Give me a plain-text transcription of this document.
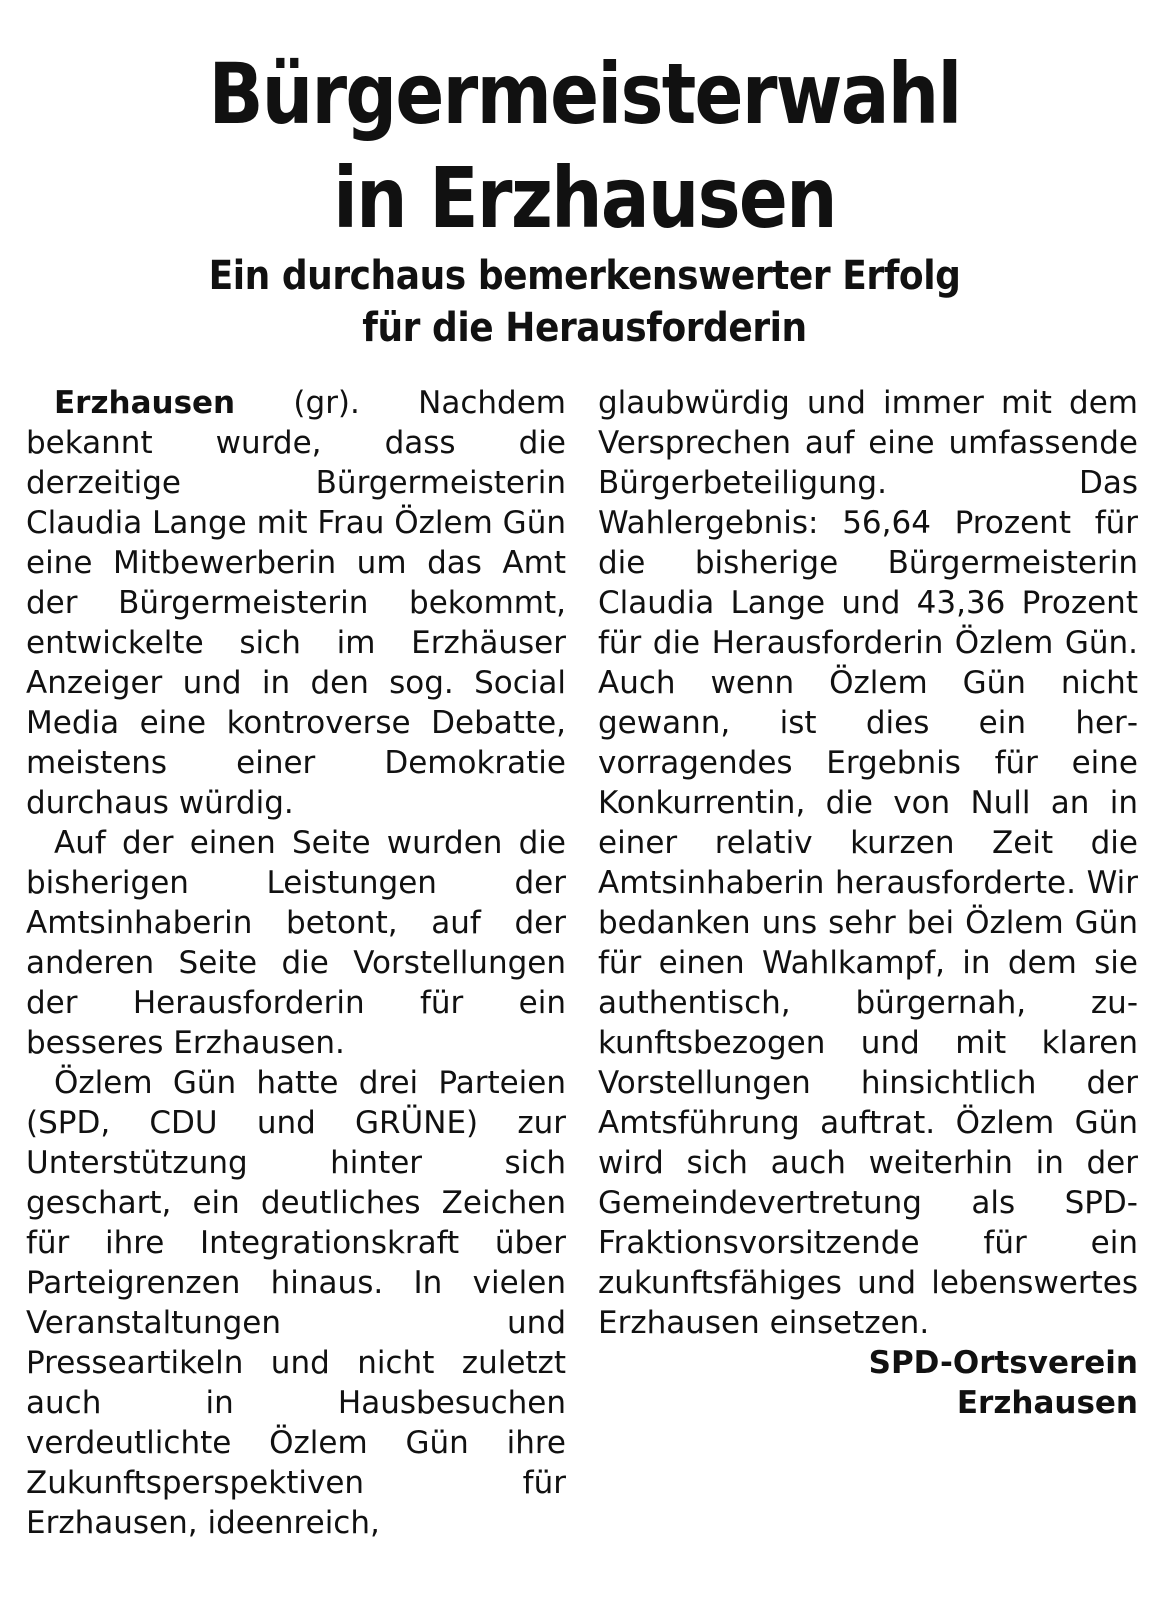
Bürgermeisterwahl
in Erzhausen
Ein durchaus bemerkenswerter Erfolg
für die Herausforderin

Erzhausen (gr). Nachdem bekannt wurde, dass die derzeitige Bürgermeisterin Claudia Lange mit Frau Özlem Gün eine Mitbewerberin um das Amt der Bürgermeisterin bekommt, entwickelte sich im Erzhäuser Anzeiger und in den sog. Social Media eine kontroverse Debatte, meistens einer Demokratie durchaus würdig.

Auf der einen Seite wurden die bisherigen Leistungen der Amtsinhaberin betont, auf der anderen Seite die Vorstellungen der Herausforderin für ein besseres Erzhausen.

Özlem Gün hatte drei Parteien (SPD, CDU und GRÜNE) zur Unterstützung hinter sich geschart, ein deutliches Zeichen für ihre Integrationskraft über Parteigrenzen hinaus. In vielen Veranstaltungen und Presseartikeln und nicht zuletzt auch in Hausbesuchen verdeutlichte Özlem Gün ihre Zukunftsperspektiven für Erzhausen, ideenreich,

glaubwürdig und immer mit dem Versprechen auf eine umfassende Bürgerbeteiligung. Das Wahlergebnis: 56,64 Prozent für die bisherige Bürgermeisterin Claudia Lange und 43,36 Prozent für die Herausforderin Özlem Gün. Auch wenn Özlem Gün nicht gewann, ist dies ein hervorragendes Ergebnis für eine Konkurrentin, die von Null an in einer relativ kurzen Zeit die Amtsinhaberin herausforderte. Wir bedanken uns sehr bei Özlem Gün für einen Wahlkampf, in dem sie authentisch, bürgernah, zukunftsbezogen und mit klaren Vorstellungen hinsichtlich der Amtsführung auftrat. Özlem Gün wird sich auch weiterhin in der Gemeindevertretung als SPD-Fraktionsvorsitzende für ein zukunftsfähiges und lebenswertes Erzhausen einsetzen.

SPD-Ortsverein
Erzhausen
